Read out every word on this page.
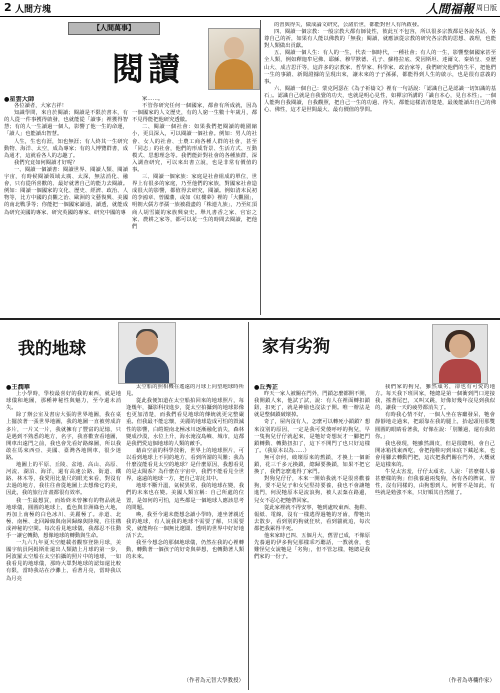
2 人間方塊	人間福報 周日版
【人間萬事】
閱讀
●星雲大師

各位讀者，大家吉祥！

知識學問，來自於閱讀；閱讀是不限於書本，有的人從一件事獲得啟發，也就能從「讀事」裡獲得智慧；有的人一生讀過一個人，影響了他一生的命運，「讀人」也能讀出智慧。

人生，生也有涯，知也無涯；有人終其一生研究動物、海洋、太空，成為專家；有的人博覽群書，成為通才，這就看各人的志趣了。

我們究竟如何閱讀才好呢？

一、閱讀一個讀書：閱讀世界、閱讀人類、閱讀宇宙，有時候閱讀領域太廣、太深，無法消化、融會，只有從所喜歡的、最好就著自己的能力去閱讀。例如：閱讀一個國家的文化、歷史、經濟、政治、人物等，比方中國的貞觀之治、歐洲的文藝復興、美國的南北戰爭等；你能把一個國家讀通，讀透，就能成為研究美國的專家、研究英國的專家、研究中國的專

家……。

不管你研究任何一個國家，都會有所成就，因為一個國家的人文歷史，有的人窮一生數十年歲月，都不見得能把他研究透徹。

二、閱讀一個社會：如果我們把閱讀的範圍縮小，更具深入，可以閱讀一個社會。例如：男人的社會、女人的社會、士農工商各種人群的社會，甚至「同志」的社會，他們的形成背景、生活方式、互動模式、思想理念等。我們能針對社會的各種族群，深入調查研究，可以來出書立說，也是非常有價值的事。

三、閱讀一個家族：家庭是社會組成的單位，世界上有很多的家庭，乃至他們的家族，對國家社會造成很大的影響，都值得去研究，閱讀。例如清末民初的李鴻章、曾國藩，或如《紅樓夢》裡的「大觀園」，明朝大儒方孝孺一族被殺盡的「株連九族」，乃至紅頂商人胡雪巖的家族興衰史。舉凡書香之家、官宦之家、農耕之家等，都可以花一生的時間去閱讀，把他們

的習與得失，做成論文研究，公諸於世，都能對世人有所啟發。

四、閱讀一個宗教：一般宗教大都有師徒性，彼此互不包容，所以很多宗教都是各說各話，各尊自己的祈，如果有人能以佛教的「無我」閱讀，就應該從宗教的研究各宗教的思想、義理，也能對人類做出貢獻。

五、閱讀一個人生：有人的一生，代表一個時代，一種社會；有人的一生，影響整個國家甚至全人類，例如釋迦牟尼佛、耶穌、穆罕默德、孔子、蘇格拉底、愛因斯坦、達爾文、秦始皇、亞歷山大、成吉思汗等，這許多的宗教家、哲學家、科學家、政治家等，我們研究他們的生平，把他們一生的事蹟、新聞證據的呈現出來，讓未來的子子孫孫，都能得到人生的啟示，也是很有意義的事。

六、閱讀一個自己：蒙克阿瑟在《為子祈禱文》裡有一句話說：「認識自己是認識一切知識的基石」。認識自己就是自我覺的功夫，也就是明心見性，如禪宗所講的「識自本心，見自本性」。一個人能夠自我閱讀，自我觀照，把自己一生的功過、得失、都能這樣清清楚楚，最後能讀出自己的佛心、佛性，這才是世間最大、最有價值的學問。

我的地球
●王潤華

上小學時，學校最喜好的我的東西，就是地球儀和地圖，那種神秘性與魅力，至今還未消失。

除了辦公室及書房大張的世界地圖，我在桌上擺放著一張世界地圖，我的地圖一直被剪成許多片，一片又一片，我就擁有了豐富的記憶，只是遇到不熟悉的地方，名字，我喜歡查看地圖，開車出遠門之前，我也會先看好路線圖，所以我敢在馬來西亞、美國、臺灣各地開車，很少迷路。

地圖上的平原、丘陵、盆地、高山、高原、河流、湖泊、海洋，還有高速公路、街道、鐵路、林木等，我愛用比量尺的眼光來看，對沒有去過的地方，我往往會從地圖上去想像它的美，因此，我的旅行計畫都很有效率。

我一生最想買，而始終未曾擁有的物品就是地球儀，圓圓的地球上，藍色與非洲綠色大地，再加上南極的白色冰川、美麗極了。赤道、北極、南極、北回歸線與南回歸線與陸塊，往往構成神秘的空間。每次看見地球儀，我都忍不住動手一讓它轉動，想像地球的轉動與生命。

一九六九年夏天空艇載者觀察登陸月球，美國宇航員阿姆斯壯還出人類踏上月球的第一步，阿波羅太空船在太空拍攝的照片中的地球，一如我看見的地球儀，那時大眾對地球的認知還比較有限，當時我站在沙灘上，看著月亮，當時我以為月亮

太空船的照相機在遙遠的月球上向望地球時所見。

從此我便知道在太空船拍回來的地球照片，每逢幾年，攝影科技進步，從太空拍攝到的地球影像也更加清楚，而我們看見地球的傳統就更完整嚴重。但我最不能忘懷，美麗的地球造成可怕的毀滅性的影響，白皚皚南北極冰川逐漸融化消失，森林變成沙漠，水位上升，海水淹沒島嶼、城市，這都是我們愛這個地球的人類的敵手。

藉由空前的科學技術，世界上的地球照片，可以看到地球上不同的地方，看到所謂的災難；我為什麼沒能看見太空的地球？是什麼原因，我想看見的是太陽系？為什麼在宇宙中，我們不能看見全世界，遠遠的地球一方，把自己寄託其中。

地球不斷升溫，氣候異常，我的地球在變，我們的未來也在變。美國人類宣稱：自己所處的位置，是如何的可怕，這些都是一個地球人應該思考的問題。

喚，我至今還未能想念讀小學時，連坐著親近我的地球，有人說我的地球不需要了解，只需要愛，就能夠在一個無比遼闊、透明的世界中好好地活下去。

我至今想念的那個地球儀，仍然在我的心裡轉動，轉動著一個孩子的好奇與夢想，也轉動著人類的未來。

（作者為元智大學教授）
家有劣狗
●丘秀芷

昨天一家人被關在門外，門鎖怎麼都開不開，我開鎖人來，他試了試，說：有人在裡面轉扣鎖鈕，扣死了，就是神偷也沒法子開。唯一辦法是就是整個鎖破壞掉。

奇了，屋內沒有人，怎麼可以轉死小鎖鎖？想來沒別的原因，一定是我可愛傻呼呼的狗兒，早一隻狗兒仔仔就起來，是牠好奇想玩才一腳把門鎖轉動、轉動扭扣了，這下不開門了也只好這樣了。（我原本以為……）

無可奈何，破壞原來的舊鎖，才換上一個新鎖，花三千多元換鎖，總歸要換鎖，如果不把它換了，我們怎麼進得了家門。

對狗兒仔仔，本來一開始我就不是很喜歡養狗，要不是兒子和女兒堅持要養，我也不會讓牠進門，何況牠原本是流浪狗，被人丟棄在路邊，兒女不忍心把牠帶回家。

從此家裡就不得安寧，牠到處咬東西、拖鞋、報紙、電線，沒有一樣逃得過牠的牙齒，帶牠出去散步，看到別的狗就狂吠，看到貓就追，每次都把我累得半死。

他來家時已四、五個月大，舊習已成，不像原先養過的伊多狗兒那樣乖巧聽話，一教就會，也難怪兒女說牠是「劣狗」，但不管怎樣，牠總是我們家的一份子。

我們家的狗兒，雖然頑劣，卻也有可愛的地方。每天我下班回家，牠總是第一個衝到門口迎接我，搖著尾巴，又叫又跳，好像好幾年沒見到我似的，讓我一天的疲勞都消失了。

有時我心情不好，一個人坐在客廳發呆，牠會靜靜地走過來，把頭靠在我的腿上，抬起頭用那雙圓圓的眼睛看著我，好像在說：「別難過，還有我陪你。」

我也發現，牠雖然調皮，但是很聰明，會自己開冰箱找東西吃，會把拖鞋叼到床底下藏起來，也會用腳去轉動門把，這次把我們關在門外，大概就是這樣來的。

牛兒太害羞，仔仔太頑劣。人說：「甚麼樣人養甚麼樣的狗」但我養過兩隻狗，各有各的脾氣、習性，沒有同樣的，由狗想到人，何嘗不是如此，有些就是勉強不來，只好順其自然罷了。

（作者為專欄作家）
